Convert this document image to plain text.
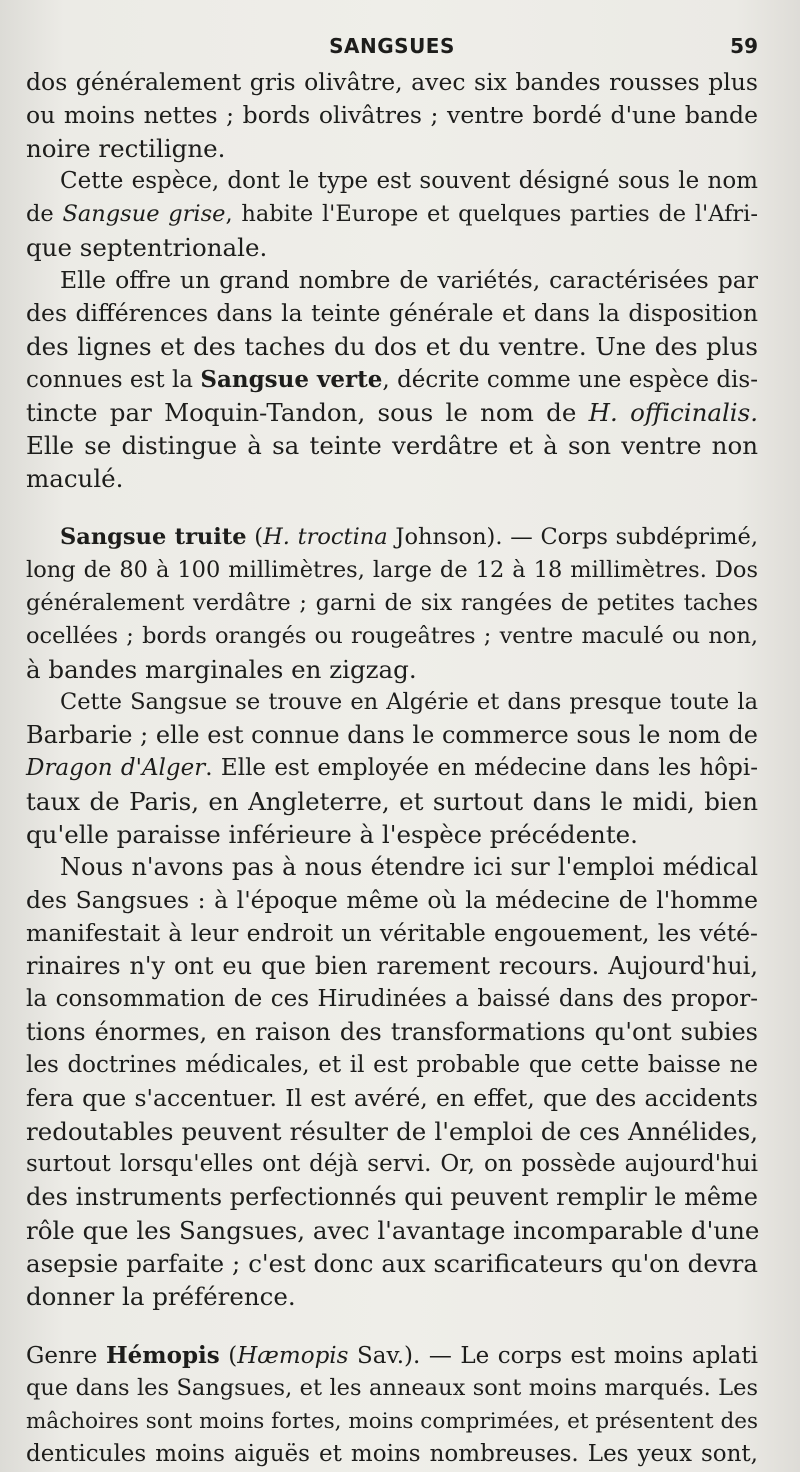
SANGSUES	59
dos généralement gris olivâtre, avec six bandes rousses plus
ou moins nettes ; bords olivâtres ; ventre bordé d'une bande
noire rectiligne.
Cette espèce, dont le type est souvent désigné sous le nom
de Sangsue grise, habite l'Europe et quelques parties de l'Afri-
que septentrionale.
Elle offre un grand nombre de variétés, caractérisées par
des différences dans la teinte générale et dans la disposition
des lignes et des taches du dos et du ventre. Une des plus
connues est la Sangsue verte, décrite comme une espèce dis-
tincte par Moquin-Tandon, sous le nom de H. officinalis.
Elle se distingue à sa teinte verdâtre et à son ventre non
maculé.
Sangsue truite (H. troctina Johnson). — Corps subdéprimé,
long de 80 à 100 millimètres, large de 12 à 18 millimètres. Dos
généralement verdâtre ; garni de six rangées de petites taches
ocellées ; bords orangés ou rougeâtres ; ventre maculé ou non,
à bandes marginales en zigzag.
Cette Sangsue se trouve en Algérie et dans presque toute la
Barbarie ; elle est connue dans le commerce sous le nom de
Dragon d'Alger. Elle est employée en médecine dans les hôpi-
taux de Paris, en Angleterre, et surtout dans le midi, bien
qu'elle paraisse inférieure à l'espèce précédente.
Nous n'avons pas à nous étendre ici sur l'emploi médical
des Sangsues : à l'époque même où la médecine de l'homme
manifestait à leur endroit un véritable engouement, les vété-
rinaires n'y ont eu que bien rarement recours. Aujourd'hui,
la consommation de ces Hirudinées a baissé dans des propor-
tions énormes, en raison des transformations qu'ont subies
les doctrines médicales, et il est probable que cette baisse ne
fera que s'accentuer. Il est avéré, en effet, que des accidents
redoutables peuvent résulter de l'emploi de ces Annélides,
surtout lorsqu'elles ont déjà servi. Or, on possède aujourd'hui
des instruments perfectionnés qui peuvent remplir le même
rôle que les Sangsues, avec l'avantage incomparable d'une
asepsie parfaite ; c'est donc aux scarificateurs qu'on devra
donner la préférence.
Genre Hémopis (Hæmopis Sav.). — Le corps est moins aplati
que dans les Sangsues, et les anneaux sont moins marqués. Les
mâchoires sont moins fortes, moins comprimées, et présentent des
denticules moins aiguës et moins nombreuses. Les yeux sont,
